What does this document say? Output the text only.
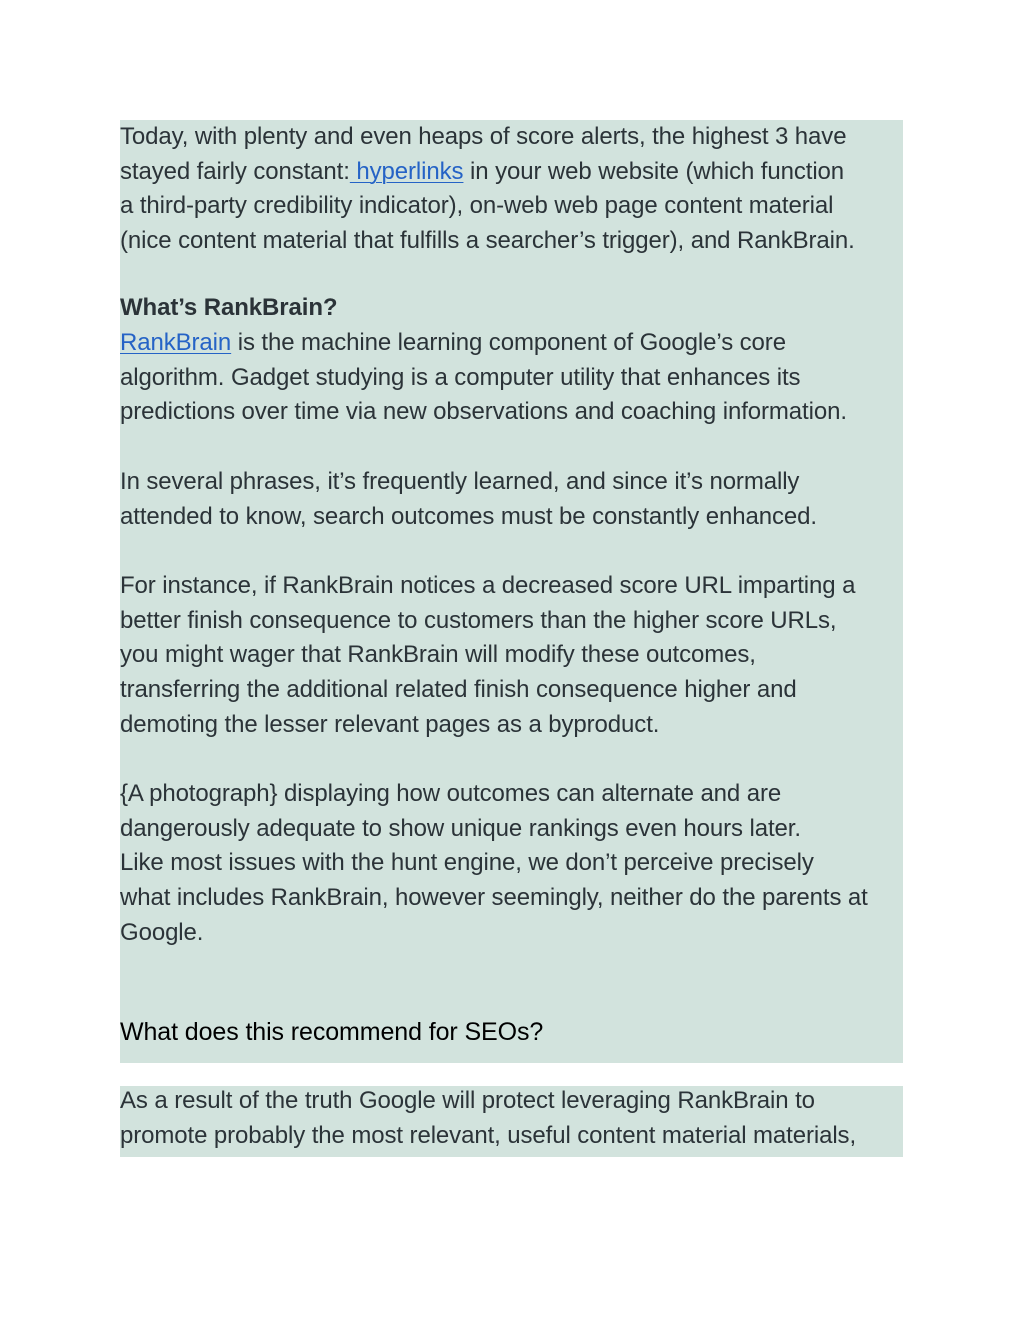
Today, with plenty and even heaps of score alerts, the highest 3 have
stayed fairly constant: hyperlinks in your web website (which function
a third-party credibility indicator), on-web web page content material
(nice content material that fulfills a searcher’s trigger), and RankBrain.

What’s RankBrain?

RankBrain is the machine learning component of Google’s core
algorithm. Gadget studying is a computer utility that enhances its
predictions over time via new observations and coaching information.

In several phrases, it’s frequently learned, and since it’s normally
attended to know, search outcomes must be constantly enhanced.

For instance, if RankBrain notices a decreased score URL imparting a
better finish consequence to customers than the higher score URLs,
you might wager that RankBrain will modify these outcomes,
transferring the additional related finish consequence higher and
demoting the lesser relevant pages as a byproduct.

{A photograph} displaying how outcomes can alternate and are
dangerously adequate to show unique rankings even hours later.
Like most issues with the hunt engine, we don’t perceive precisely
what includes RankBrain, however seemingly, neither do the parents at
Google.

What does this recommend for SEOs?

As a result of the truth Google will protect leveraging RankBrain to
promote probably the most relevant, useful content material materials,
